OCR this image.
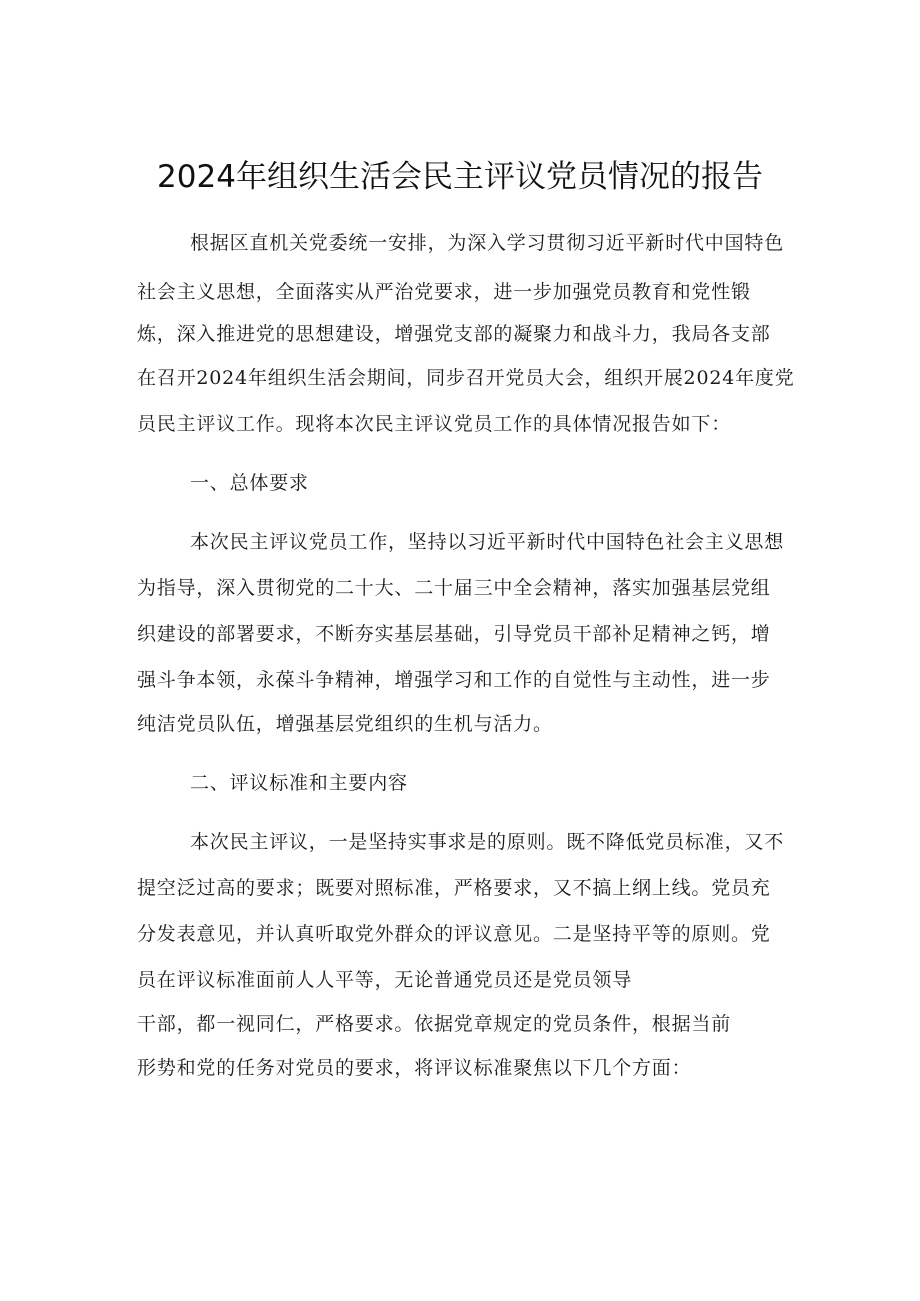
2024年组织生活会民主评议党员情况的报告

根据区直机关党委统一安排，为深入学习贯彻习近平新时代中国特色

社会主义思想，全面落实从严治党要求，进一步加强党员教育和党性锻

炼，深入推进党的思想建设，增强党支部的凝聚力和战斗力，我局各支部

在召开2024年组织生活会期间，同步召开党员大会，组织开展2024年度党

员民主评议工作。现将本次民主评议党员工作的具体情况报告如下：

一、总体要求

本次民主评议党员工作，坚持以习近平新时代中国特色社会主义思想

为指导，深入贯彻党的二十大、二十届三中全会精神，落实加强基层党组

织建设的部署要求，不断夯实基层基础，引导党员干部补足精神之钙，增

强斗争本领，永葆斗争精神，增强学习和工作的自觉性与主动性，进一步

纯洁党员队伍，增强基层党组织的生机与活力。

二、评议标准和主要内容

本次民主评议，一是坚持实事求是的原则。既不降低党员标准，又不

提空泛过高的要求；既要对照标准，严格要求，又不搞上纲上线。党员充

分发表意见，并认真听取党外群众的评议意见。二是坚持平等的原则。党

员在评议标准面前人人平等，无论普通党员还是党员领导

干部，都一视同仁，严格要求。依据党章规定的党员条件，根据当前

形势和党的任务对党员的要求，将评议标准聚焦以下几个方面：
